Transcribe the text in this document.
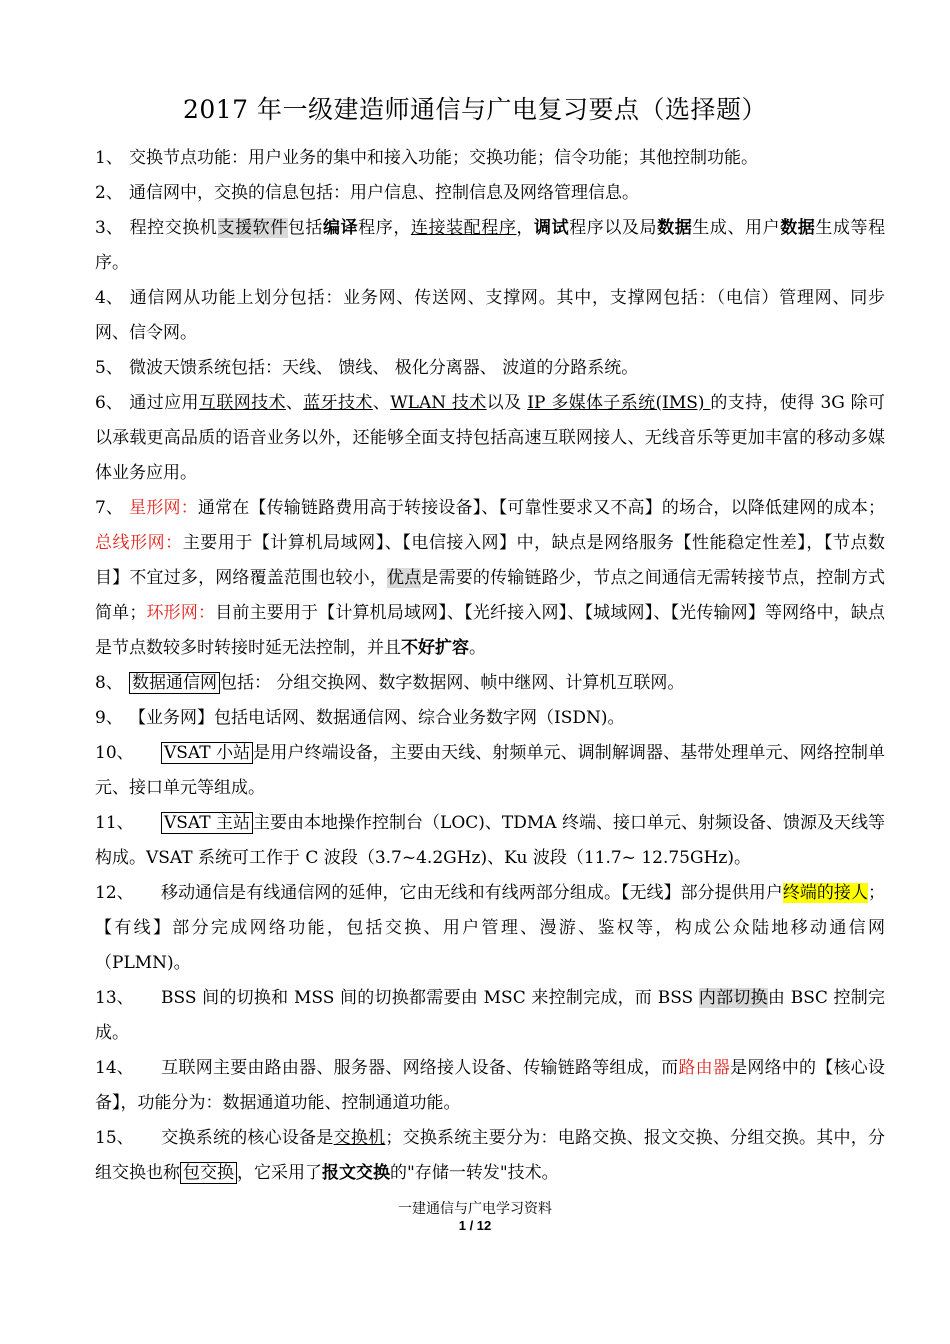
2017 年一级建造师通信与广电复习要点（选择题）
1、 交换节点功能：用户业务的集中和接入功能；交换功能；信令功能；其他控制功能。
2、 通信网中，交换的信息包括：用户信息、控制信息及网络管理信息。
3、 程控交换机支援软件包括编译程序，连接装配程序，调试程序以及局数据生成、用户数据生成等程序。
4、 通信网从功能上划分包括：业务网、传送网、支撑网。其中，支撑网包括：（电信）管理网、同步网、信令网。
5、 微波天馈系统包括：天线、 馈线、 极化分离器、 波道的分路系统。
6、 通过应用互联网技术、蓝牙技术、WLAN 技术以及 IP 多媒体子系统(IMS) 的支持，使得 3G 除可以承载更高品质的语音业务以外，还能够全面支持包括高速互联网接人、无线音乐等更加丰富的移动多媒体业务应用。
7、 星形网：通常在【传输链路费用高于转接设备】、【可靠性要求又不高】的场合，以降低建网的成本；总线形网：主要用于【计算机局域网】、【电信接入网】中，缺点是网络服务【性能稳定性差】，【节点数目】不宜过多，网络覆盖范围也较小，优点是需要的传输链路少，节点之间通信无需转接节点，控制方式简单；环形网：目前主要用于【计算机局域网】、【光纤接入网】、【城域网】、【光传输网】等网络中，缺点是节点数较多时转接时延无法控制，并且不好扩容。
8、 数据通信网 包括： 分组交换网、数字数据网、帧中继网、计算机互联网。
9、 【业务网】包括电话网、数据通信网、综合业务数字网（ISDN)。
10、 VSAT 小站 是用户终端设备，主要由天线、射频单元、调制解调器、基带处理单元、网络控制单元、接口单元等组成。
11、 VSAT 主站 主要由本地操作控制台（LOC)、TDMA 终端、接口单元、射频设备、馈源及天线等构成。VSAT 系统可工作于 C 波段（3.7~4.2GHz)、Ku 波段（11.7~ 12.75GHz)。
12、 移动通信是有线通信网的延伸，它由无线和有线两部分组成。【无线】部分提供用户终端的接人；【有线】部分完成网络功能，包括交换、用户管理、漫游、鉴权等，构成公众陆地移动通信网（PLMN)。
13、 BSS 间的切换和 MSS 间的切换都需要由 MSC 来控制完成，而 BSS 内部切换由 BSC 控制完成。
14、 互联网主要由路由器、服务器、网络接人设备、传输链路等组成，而路由器是网络中的【核心设备】，功能分为：数据通道功能、控制通道功能。
15、 交换系统的核心设备是交换机；交换系统主要分为：电路交换、报文交换、分组交换。其中，分组交换也称 包交换 ，它采用了报文交换的"存储一转发"技术。
一建通信与广电学习资料
1 / 12
